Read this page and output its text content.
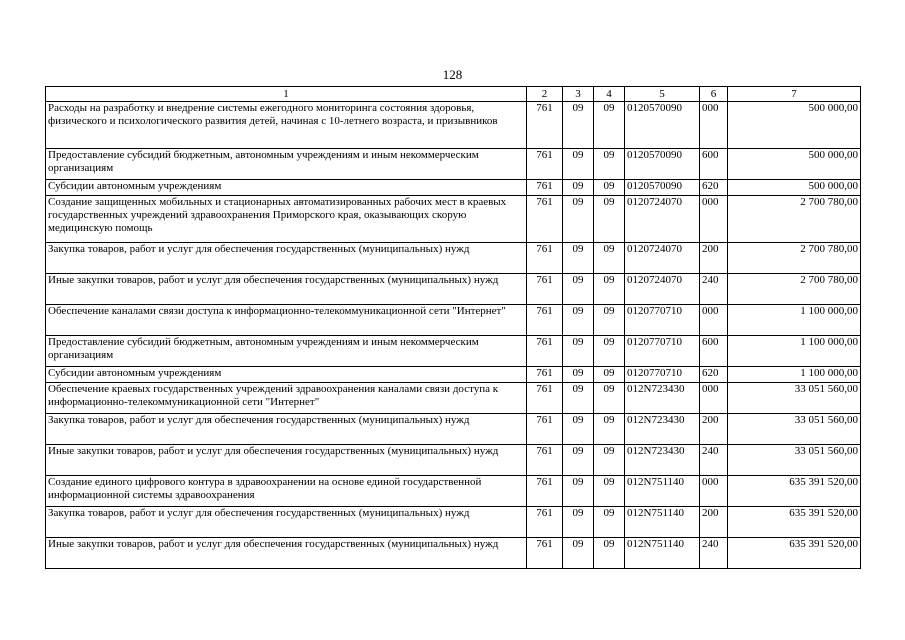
128
1	2	3	4	5	6	7
Расходы на разработку и внедрение системы ежегодного мониторинга состояния здоровья, физического и психологического развития детей, начиная с 10-летнего возраста, и призывников	761	09	09	0120570090	000	500 000,00
Предоставление субсидий бюджетным, автономным учреждениям и иным некоммерческим организациям	761	09	09	0120570090	600	500 000,00
Субсидии автономным учреждениям	761	09	09	0120570090	620	500 000,00
Создание защищенных мобильных и стационарных автоматизированных рабочих мест в краевых государственных учреждений здравоохранения Приморского края, оказывающих скорую медицинскую помощь	761	09	09	0120724070	000	2 700 780,00
Закупка товаров, работ и услуг для обеспечения государственных (муниципальных) нужд	761	09	09	0120724070	200	2 700 780,00
Иные закупки товаров, работ и услуг для обеспечения государственных (муниципальных) нужд	761	09	09	0120724070	240	2 700 780,00
Обеспечение каналами связи доступа к информационно-телекоммуникационной сети "Интернет"	761	09	09	0120770710	000	1 100 000,00
Предоставление субсидий бюджетным, автономным учреждениям и иным некоммерческим организациям	761	09	09	0120770710	600	1 100 000,00
Субсидии автономным учреждениям	761	09	09	0120770710	620	1 100 000,00
Обеспечение краевых государственных учреждений здравоохранения каналами связи доступа к информационно-телекоммуникационной сети "Интернет"	761	09	09	012N723430	000	33 051 560,00
Закупка товаров, работ и услуг для обеспечения государственных (муниципальных) нужд	761	09	09	012N723430	200	33 051 560,00
Иные закупки товаров, работ и услуг для обеспечения государственных (муниципальных) нужд	761	09	09	012N723430	240	33 051 560,00
Создание единого цифрового контура в здравоохранении на основе единой государственной информационной системы здравоохранения	761	09	09	012N751140	000	635 391 520,00
Закупка товаров, работ и услуг для обеспечения государственных (муниципальных) нужд	761	09	09	012N751140	200	635 391 520,00
Иные закупки товаров, работ и услуг для обеспечения государственных (муниципальных) нужд	761	09	09	012N751140	240	635 391 520,00
